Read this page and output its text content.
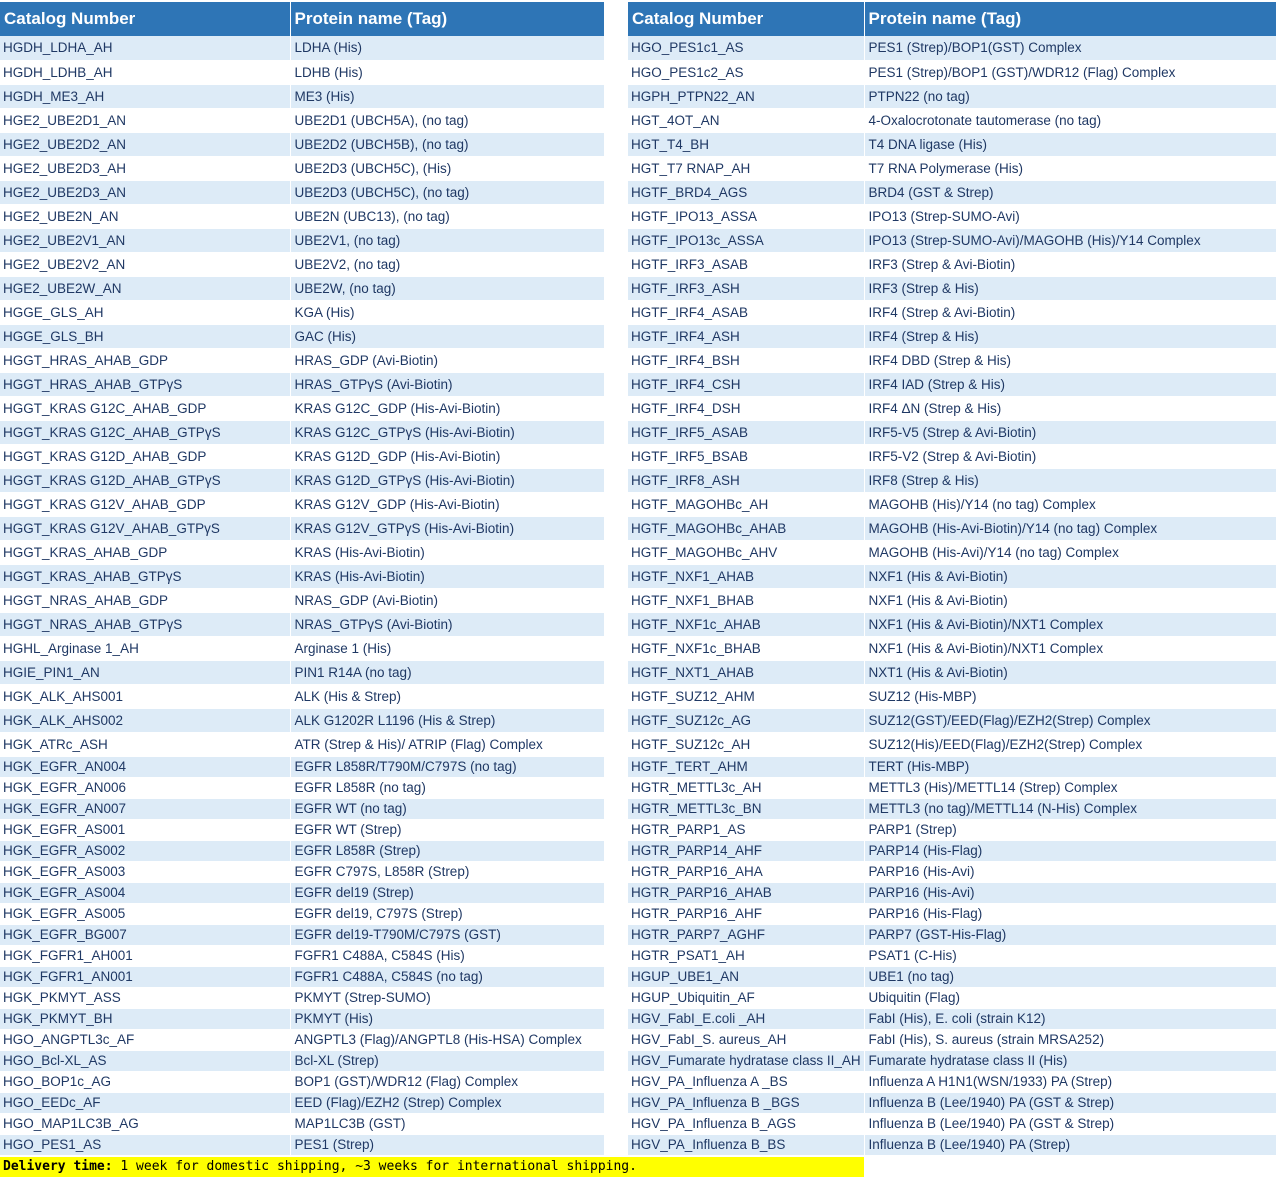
Catalog Number	Protein name (Tag)
HGDH_LDHA_AH	LDHA (His)
HGDH_LDHB_AH	LDHB (His)
HGDH_ME3_AH	ME3 (His)
HGE2_UBE2D1_AN	UBE2D1 (UBCH5A), (no tag)
HGE2_UBE2D2_AN	UBE2D2 (UBCH5B), (no tag)
HGE2_UBE2D3_AH	UBE2D3 (UBCH5C), (His)
HGE2_UBE2D3_AN	UBE2D3 (UBCH5C), (no tag)
HGE2_UBE2N_AN	UBE2N (UBC13), (no tag)
HGE2_UBE2V1_AN	UBE2V1, (no tag)
HGE2_UBE2V2_AN	UBE2V2, (no tag)
HGE2_UBE2W_AN	UBE2W, (no tag)
HGGE_GLS_AH	KGA (His)
HGGE_GLS_BH	GAC (His)
HGGT_HRAS_AHAB_GDP	HRAS_GDP (Avi-Biotin)
HGGT_HRAS_AHAB_GTPγS	HRAS_GTPγS (Avi-Biotin)
HGGT_KRAS G12C_AHAB_GDP	KRAS G12C_GDP (His-Avi-Biotin)
HGGT_KRAS G12C_AHAB_GTPγS	KRAS G12C_GTPγS (His-Avi-Biotin)
HGGT_KRAS G12D_AHAB_GDP	KRAS G12D_GDP (His-Avi-Biotin)
HGGT_KRAS G12D_AHAB_GTPγS	KRAS G12D_GTPγS (His-Avi-Biotin)
HGGT_KRAS G12V_AHAB_GDP	KRAS G12V_GDP (His-Avi-Biotin)
HGGT_KRAS G12V_AHAB_GTPγS	KRAS G12V_GTPγS (His-Avi-Biotin)
HGGT_KRAS_AHAB_GDP	KRAS (His-Avi-Biotin)
HGGT_KRAS_AHAB_GTPγS	KRAS (His-Avi-Biotin)
HGGT_NRAS_AHAB_GDP	NRAS_GDP (Avi-Biotin)
HGGT_NRAS_AHAB_GTPγS	NRAS_GTPγS (Avi-Biotin)
HGHL_Arginase 1_AH	Arginase 1 (His)
HGIE_PIN1_AN	PIN1 R14A (no tag)
HGK_ALK_AHS001	ALK (His & Strep)
HGK_ALK_AHS002	ALK G1202R L1196 (His & Strep)
HGK_ATRc_ASH	ATR (Strep & His)/ ATRIP (Flag) Complex
HGK_EGFR_AN004	EGFR L858R/T790M/C797S (no tag)
HGK_EGFR_AN006	EGFR L858R (no tag)
HGK_EGFR_AN007	EGFR WT (no tag)
HGK_EGFR_AS001	EGFR WT (Strep)
HGK_EGFR_AS002	EGFR L858R (Strep)
HGK_EGFR_AS003	EGFR C797S, L858R (Strep)
HGK_EGFR_AS004	EGFR del19 (Strep)
HGK_EGFR_AS005	EGFR del19, C797S (Strep)
HGK_EGFR_BG007	EGFR del19-T790M/C797S (GST)
HGK_FGFR1_AH001	FGFR1 C488A, C584S (His)
HGK_FGFR1_AN001	FGFR1 C488A, C584S (no tag)
HGK_PKMYT_ASS	PKMYT (Strep-SUMO)
HGK_PKMYT_BH	PKMYT (His)
HGO_ANGPTL3c_AF	ANGPTL3 (Flag)/ANGPTL8 (His-HSA) Complex
HGO_Bcl-XL_AS	Bcl-XL (Strep)
HGO_BOP1c_AG	BOP1 (GST)/WDR12 (Flag) Complex
HGO_EEDc_AF	EED (Flag)/EZH2 (Strep) Complex
HGO_MAP1LC3B_AG	MAP1LC3B (GST)
HGO_PES1_AS	PES1 (Strep)
Catalog Number	Protein name (Tag)
HGO_PES1c1_AS	PES1 (Strep)/BOP1(GST) Complex
HGO_PES1c2_AS	PES1 (Strep)/BOP1 (GST)/WDR12 (Flag) Complex
HGPH_PTPN22_AN	PTPN22 (no tag)
HGT_4OT_AN	4-Oxalocrotonate tautomerase (no tag)
HGT_T4_BH	T4 DNA ligase (His)
HGT_T7 RNAP_AH	T7 RNA Polymerase (His)
HGTF_BRD4_AGS	BRD4 (GST & Strep)
HGTF_IPO13_ASSA	IPO13 (Strep-SUMO-Avi)
HGTF_IPO13c_ASSA	IPO13 (Strep-SUMO-Avi)/MAGOHB (His)/Y14 Complex
HGTF_IRF3_ASAB	IRF3 (Strep & Avi-Biotin)
HGTF_IRF3_ASH	IRF3 (Strep & His)
HGTF_IRF4_ASAB	IRF4 (Strep & Avi-Biotin)
HGTF_IRF4_ASH	IRF4 (Strep & His)
HGTF_IRF4_BSH	IRF4 DBD (Strep & His)
HGTF_IRF4_CSH	IRF4 IAD (Strep & His)
HGTF_IRF4_DSH	IRF4 ΔN (Strep & His)
HGTF_IRF5_ASAB	IRF5-V5 (Strep & Avi-Biotin)
HGTF_IRF5_BSAB	IRF5-V2 (Strep & Avi-Biotin)
HGTF_IRF8_ASH	IRF8 (Strep & His)
HGTF_MAGOHBc_AH	MAGOHB (His)/Y14 (no tag) Complex
HGTF_MAGOHBc_AHAB	MAGOHB (His-Avi-Biotin)/Y14 (no tag) Complex
HGTF_MAGOHBc_AHV	MAGOHB (His-Avi)/Y14 (no tag) Complex
HGTF_NXF1_AHAB	NXF1 (His & Avi-Biotin)
HGTF_NXF1_BHAB	NXF1 (His & Avi-Biotin)
HGTF_NXF1c_AHAB	NXF1 (His & Avi-Biotin)/NXT1 Complex
HGTF_NXF1c_BHAB	NXF1 (His & Avi-Biotin)/NXT1 Complex
HGTF_NXT1_AHAB	NXT1 (His & Avi-Biotin)
HGTF_SUZ12_AHM	SUZ12 (His-MBP)
HGTF_SUZ12c_AG	SUZ12(GST)/EED(Flag)/EZH2(Strep) Complex
HGTF_SUZ12c_AH	SUZ12(His)/EED(Flag)/EZH2(Strep) Complex
HGTF_TERT_AHM	TERT (His-MBP)
HGTR_METTL3c_AH	METTL3 (His)/METTL14 (Strep) Complex
HGTR_METTL3c_BN	METTL3 (no tag)/METTL14 (N-His) Complex
HGTR_PARP1_AS	PARP1 (Strep)
HGTR_PARP14_AHF	PARP14 (His-Flag)
HGTR_PARP16_AHA	PARP16 (His-Avi)
HGTR_PARP16_AHAB	PARP16 (His-Avi)
HGTR_PARP16_AHF	PARP16 (His-Flag)
HGTR_PARP7_AGHF	PARP7 (GST-His-Flag)
HGTR_PSAT1_AH	PSAT1 (C-His)
HGUP_UBE1_AN	UBE1 (no tag)
HGUP_Ubiquitin_AF	Ubiquitin (Flag)
HGV_FabI_E.coli _AH	FabI (His), E. coli (strain K12)
HGV_FabI_S. aureus_AH	FabI (His), S. aureus (strain MRSA252)
HGV_Fumarate hydratase class II_AH	Fumarate hydratase class II (His)
HGV_PA_Influenza A _BS	Influenza A H1N1(WSN/1933) PA (Strep)
HGV_PA_Influenza B _BGS	Influenza B (Lee/1940) PA (GST & Strep)
HGV_PA_Influenza B_AGS	Influenza B (Lee/1940) PA (GST & Strep)
HGV_PA_Influenza B_BS	Influenza B (Lee/1940) PA (Strep)
Delivery time: 1 week for domestic shipping, ~3 weeks for international shipping.
